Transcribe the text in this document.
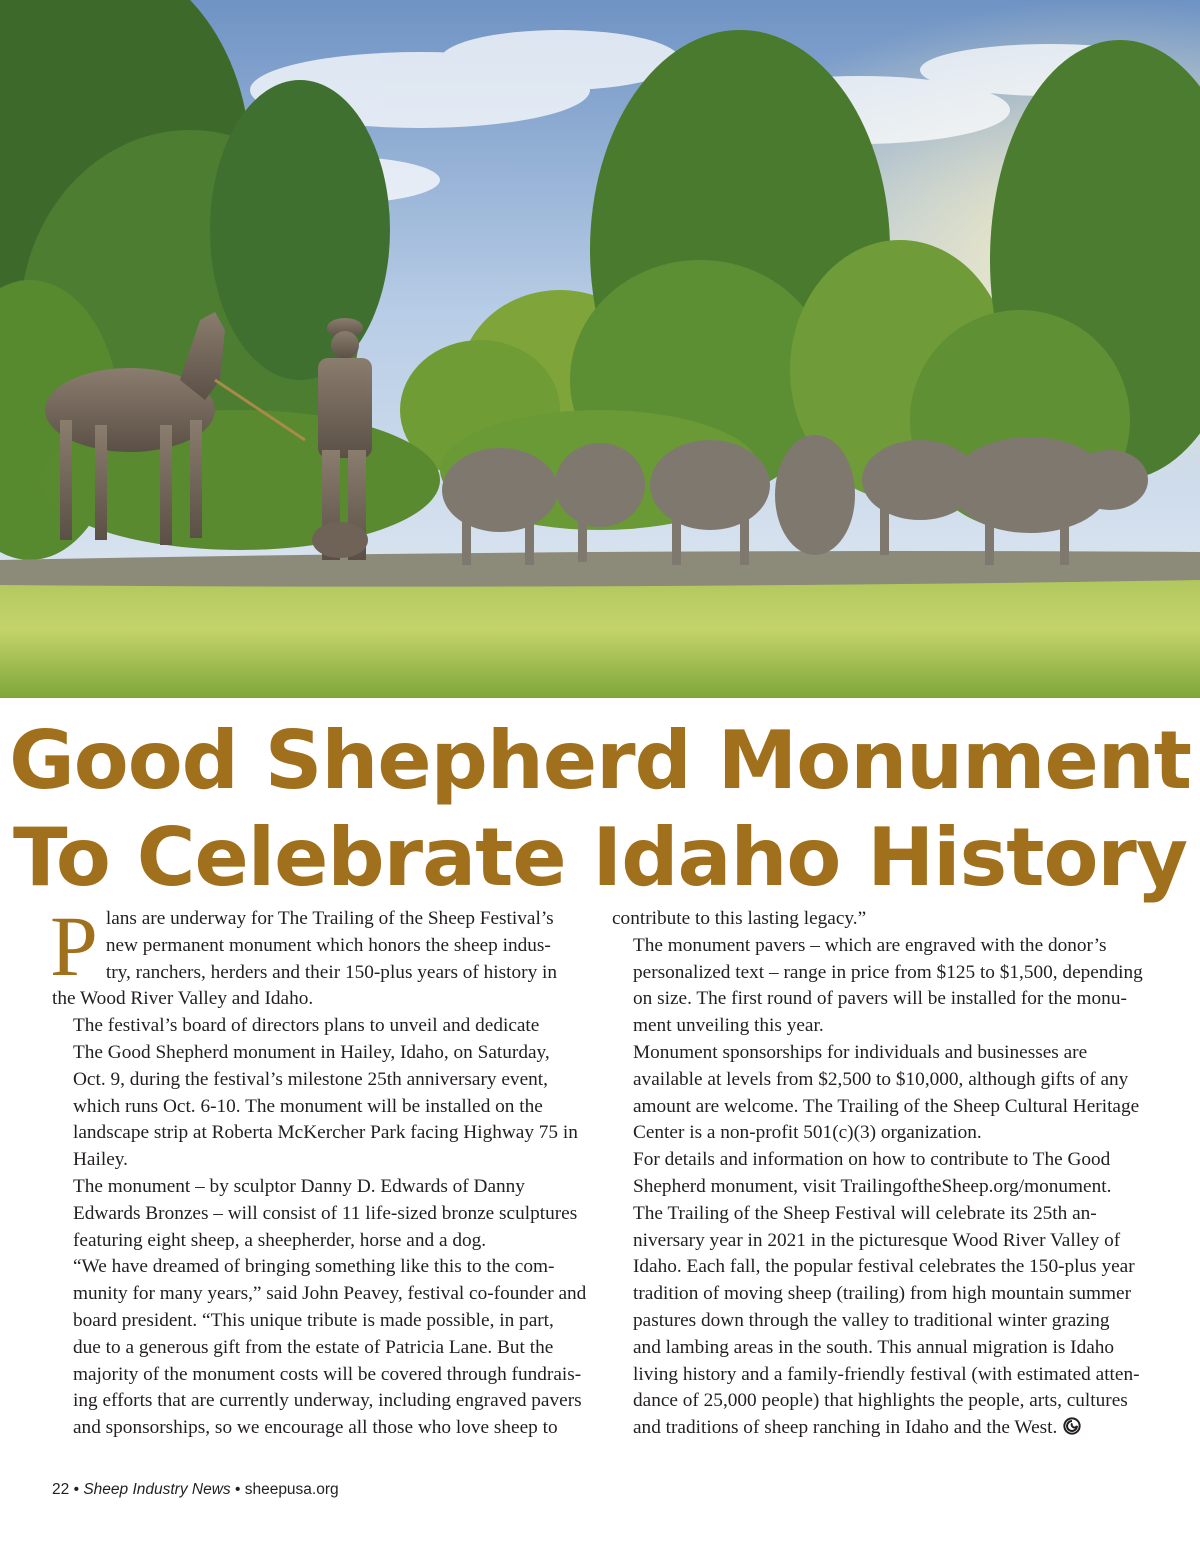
Good Shepherd Monument
To Celebrate Idaho History

P lans are underway for The Trailing of the Sheep Festival’s
new permanent monument which honors the sheep indus-
try, ranchers, herders and their 150-plus years of history in
the Wood River Valley and Idaho.

The festival’s board of directors plans to unveil and dedicate
The Good Shepherd monument in Hailey, Idaho, on Saturday,
Oct. 9, during the festival’s milestone 25th anniversary event,
which runs Oct. 6-10. The monument will be installed on the
landscape strip at Roberta McKercher Park facing Highway 75 in
Hailey.

The monument – by sculptor Danny D. Edwards of Danny
Edwards Bronzes – will consist of 11 life-sized bronze sculptures
featuring eight sheep, a sheepherder, horse and a dog.

“We have dreamed of bringing something like this to the com-
munity for many years,” said John Peavey, festival co-founder and
board president. “This unique tribute is made possible, in part,
due to a generous gift from the estate of Patricia Lane. But the
majority of the monument costs will be covered through fundrais-
ing efforts that are currently underway, including engraved pavers
and sponsorships, so we encourage all those who love sheep to

contribute to this lasting legacy.”

The monument pavers – which are engraved with the donor’s
personalized text – range in price from $125 to $1,500, depending
on size. The first round of pavers will be installed for the monu-
ment unveiling this year.

Monument sponsorships for individuals and businesses are
available at levels from $2,500 to $10,000, although gifts of any
amount are welcome. The Trailing of the Sheep Cultural Heritage
Center is a non-profit 501(c)(3) organization.

For details and information on how to contribute to The Good
Shepherd monument, visit TrailingoftheSheep.org/monument.

The Trailing of the Sheep Festival will celebrate its 25th an-
niversary year in 2021 in the picturesque Wood River Valley of
Idaho. Each fall, the popular festival celebrates the 150-plus year
tradition of moving sheep (trailing) from high mountain summer
pastures down through the valley to traditional winter grazing
and lambing areas in the south. This annual migration is Idaho
living history and a family-friendly festival (with estimated atten-
dance of 25,000 people) that highlights the people, arts, cultures
and traditions of sheep ranching in Idaho and the West.

22 • Sheep Industry News • sheepusa.org
